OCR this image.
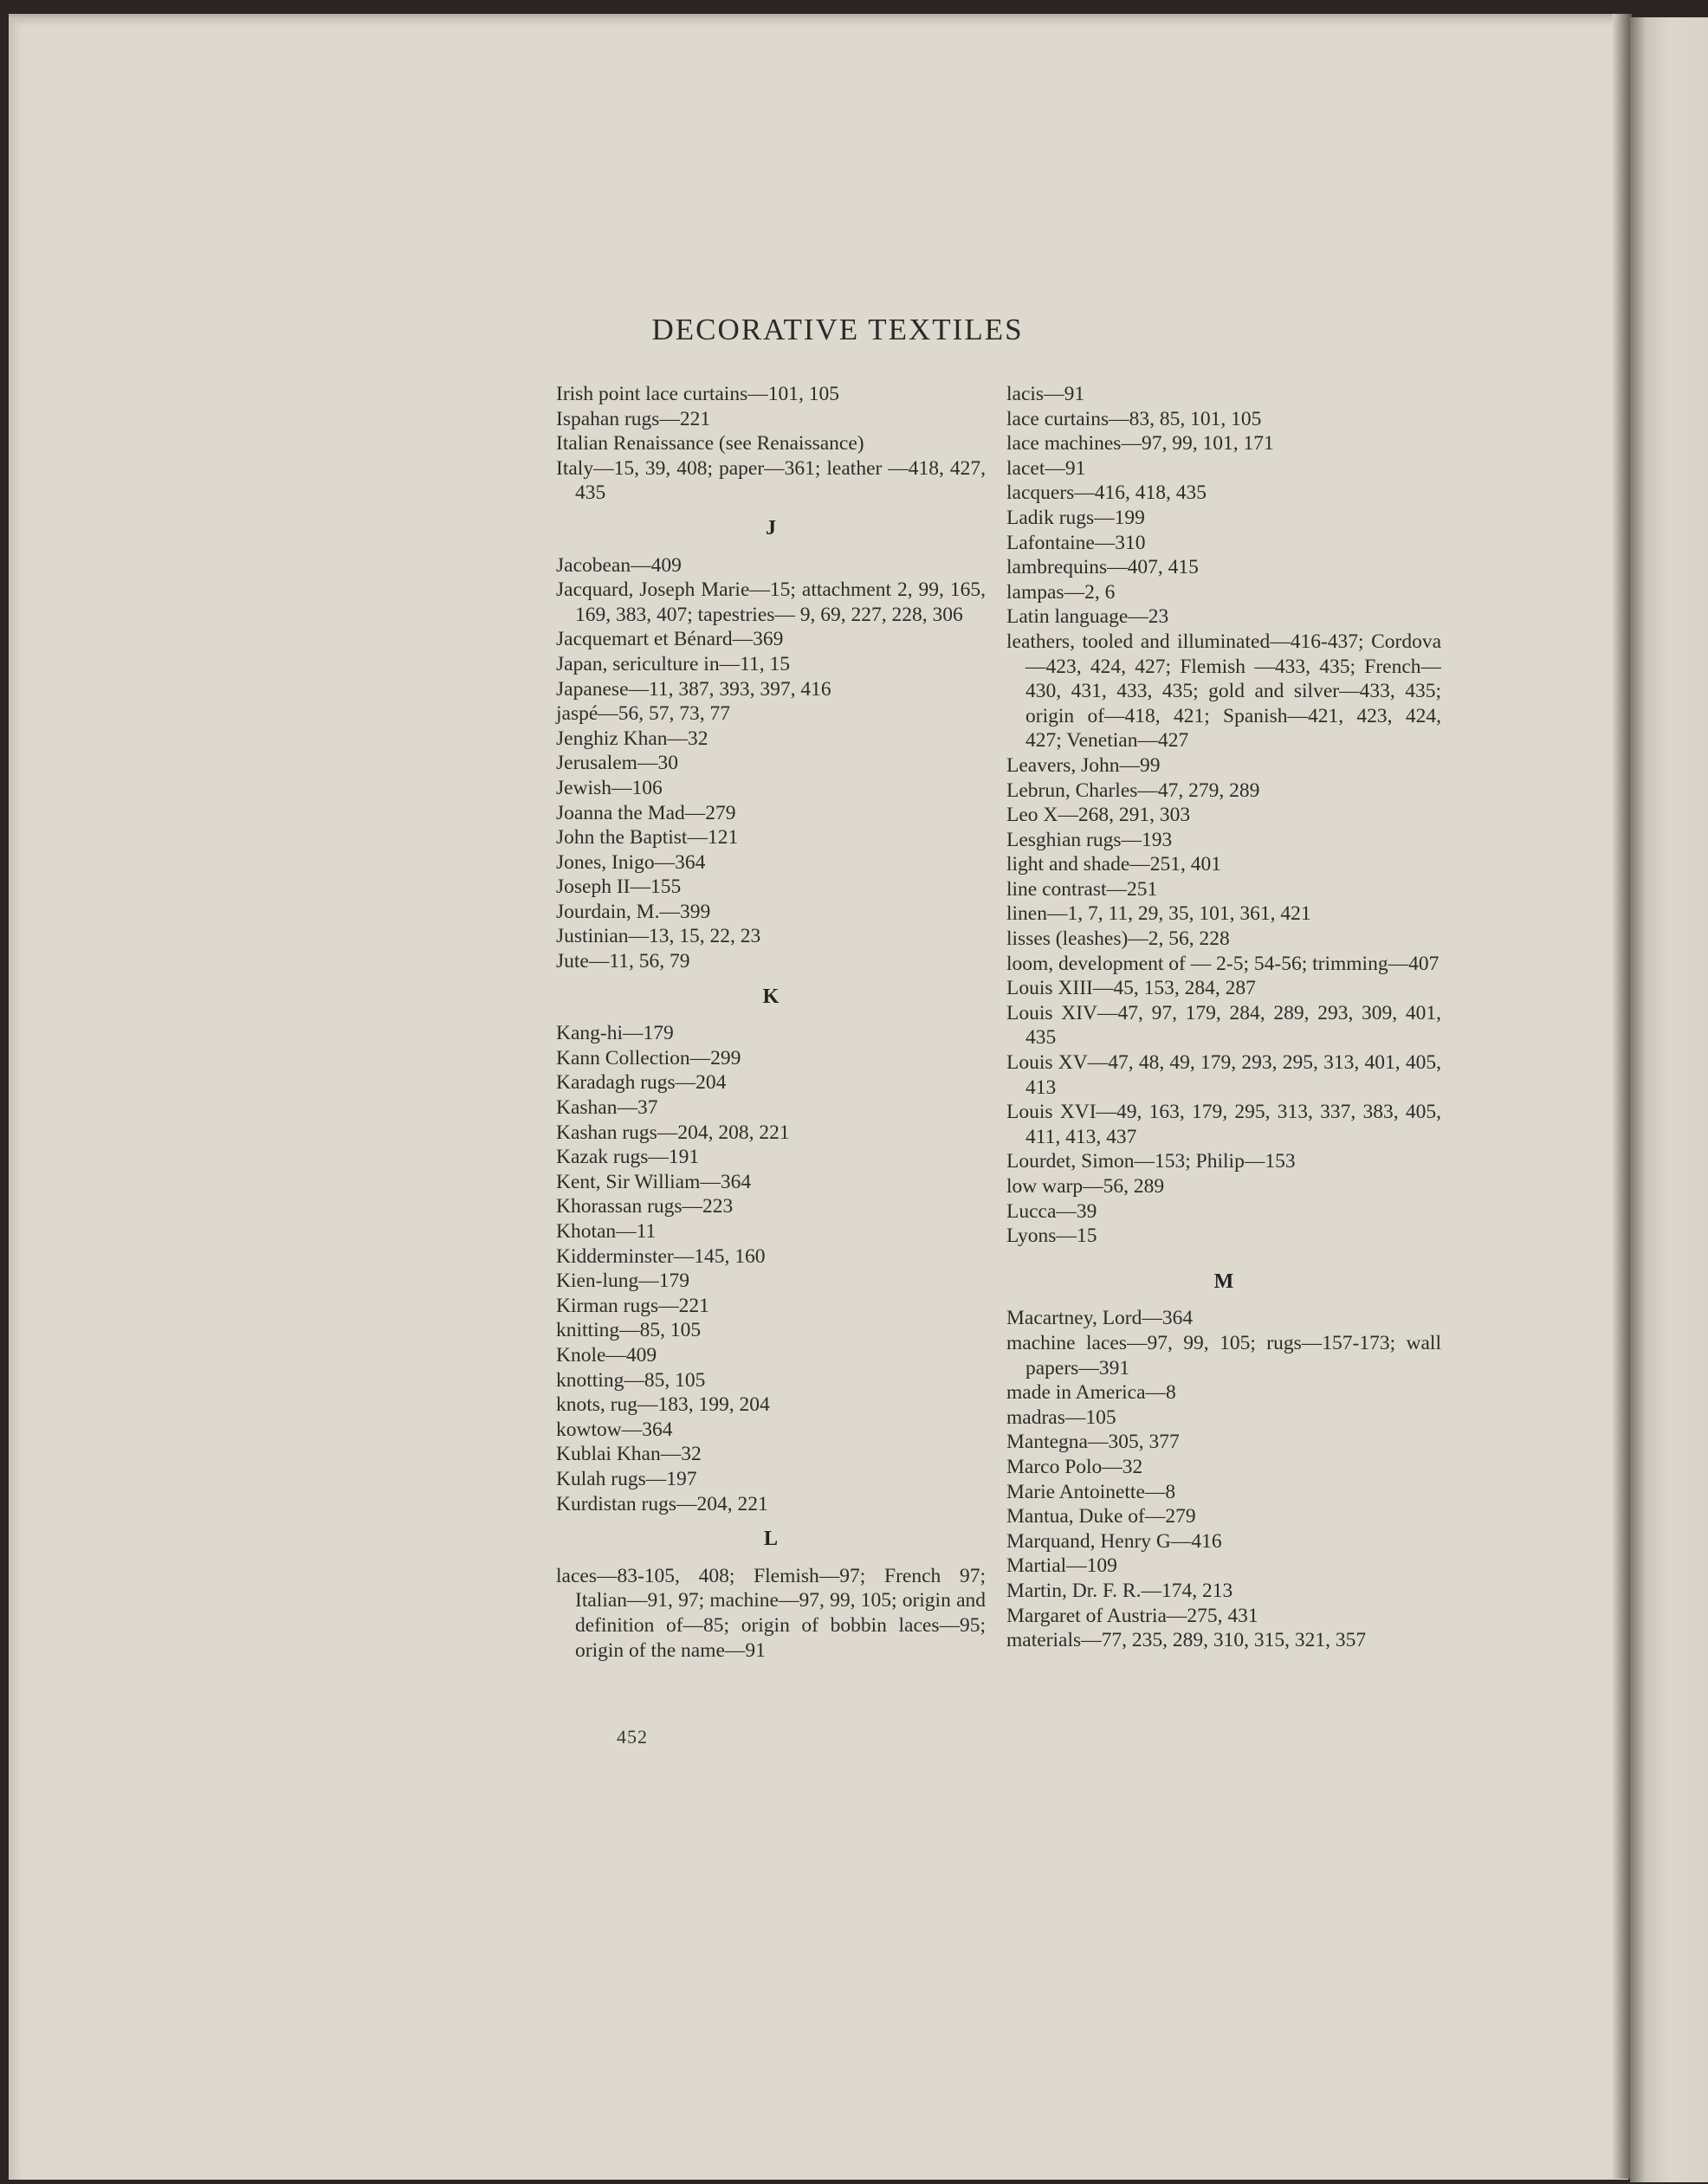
DECORATIVE TEXTILES
Irish point lace curtains—101, 105
Ispahan rugs—221
Italian Renaissance (see Renaissance)
Italy—15, 39, 408; paper—361; leather —418, 427, 435
J
Jacobean—409
Jacquard, Joseph Marie—15; attachment 2, 99, 165, 169, 383, 407; tapestries— 9, 69, 227, 228, 306
Jacquemart et Bénard—369
Japan, sericulture in—11, 15
Japanese—11, 387, 393, 397, 416
jaspé—56, 57, 73, 77
Jenghiz Khan—32
Jerusalem—30
Jewish—106
Joanna the Mad—279
John the Baptist—121
Jones, Inigo—364
Joseph II—155
Jourdain, M.—399
Justinian—13, 15, 22, 23
Jute—11, 56, 79
K
Kang-hi—179
Kann Collection—299
Karadagh rugs—204
Kashan—37
Kashan rugs—204, 208, 221
Kazak rugs—191
Kent, Sir William—364
Khorassan rugs—223
Khotan—11
Kidderminster—145, 160
Kien-lung—179
Kirman rugs—221
knitting—85, 105
Knole—409
knotting—85, 105
knots, rug—183, 199, 204
kowtow—364
Kublai Khan—32
Kulah rugs—197
Kurdistan rugs—204, 221
L
laces—83-105, 408; Flemish—97; French 97; Italian—91, 97; machine—97, 99, 105; origin and definition of—85; origin of bobbin laces—95; origin of the name—91
lacis—91
lace curtains—83, 85, 101, 105
lace machines—97, 99, 101, 171
lacet—91
lacquers—416, 418, 435
Ladik rugs—199
Lafontaine—310
lambrequins—407, 415
lampas—2, 6
Latin language—23
leathers, tooled and illuminated—416-437; Cordova—423, 424, 427; Flemish —433, 435; French—430, 431, 433, 435; gold and silver—433, 435; origin of—418, 421; Spanish—421, 423, 424, 427; Venetian—427
Leavers, John—99
Lebrun, Charles—47, 279, 289
Leo X—268, 291, 303
Lesghian rugs—193
light and shade—251, 401
line contrast—251
linen—1, 7, 11, 29, 35, 101, 361, 421
lisses (leashes)—2, 56, 228
loom, development of — 2-5; 54-56; trimming—407
Louis XIII—45, 153, 284, 287
Louis XIV—47, 97, 179, 284, 289, 293, 309, 401, 435
Louis XV—47, 48, 49, 179, 293, 295, 313, 401, 405, 413
Louis XVI—49, 163, 179, 295, 313, 337, 383, 405, 411, 413, 437
Lourdet, Simon—153; Philip—153
low warp—56, 289
Lucca—39
Lyons—15
M
Macartney, Lord—364
machine laces—97, 99, 105; rugs—157-173; wall papers—391
made in America—8
madras—105
Mantegna—305, 377
Marco Polo—32
Marie Antoinette—8
Mantua, Duke of—279
Marquand, Henry G—416
Martial—109
Martin, Dr. F. R.—174, 213
Margaret of Austria—275, 431
materials—77, 235, 289, 310, 315, 321, 357
452
